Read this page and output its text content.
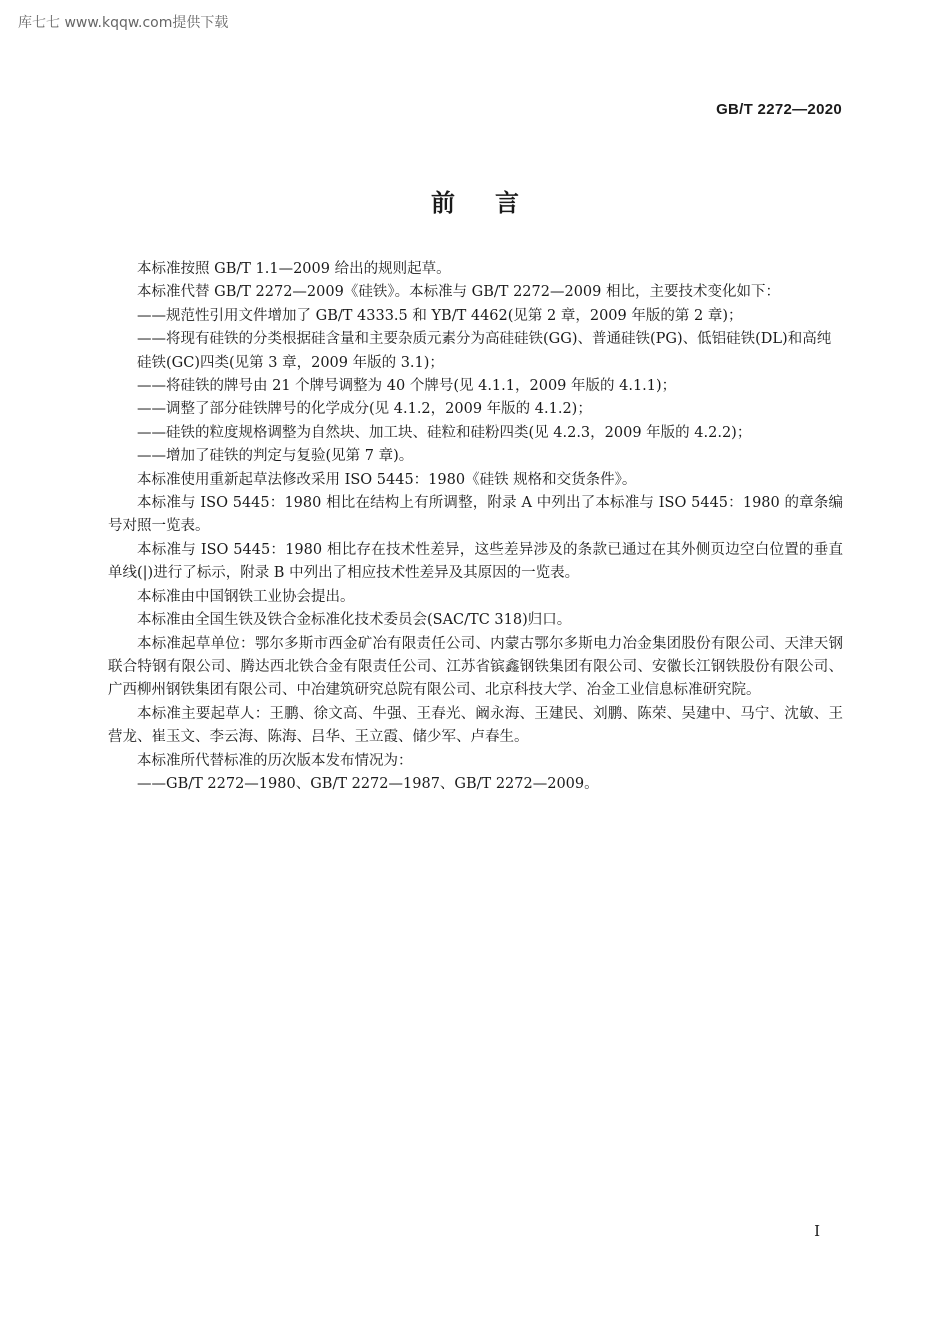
库七七 www.kqqw.com提供下载
GB/T 2272—2020
前言

本标准按照 GB/T 1.1—2009 给出的规则起草。

本标准代替 GB/T 2272—2009《硅铁》。本标准与 GB/T 2272—2009 相比，主要技术变化如下：

——规范性引用文件增加了 GB/T 4333.5 和 YB/T 4462(见第 2 章，2009 年版的第 2 章)；

——将现有硅铁的分类根据硅含量和主要杂质元素分为高硅硅铁(GG)、普通硅铁(PG)、低铝硅铁(DL)和高纯硅铁(GC)四类(见第 3 章，2009 年版的 3.1)；

——将硅铁的牌号由 21 个牌号调整为 40 个牌号(见 4.1.1，2009 年版的 4.1.1)；

——调整了部分硅铁牌号的化学成分(见 4.1.2，2009 年版的 4.1.2)；

——硅铁的粒度规格调整为自然块、加工块、硅粒和硅粉四类(见 4.2.3，2009 年版的 4.2.2)；

——增加了硅铁的判定与复验(见第 7 章)。

本标准使用重新起草法修改采用 ISO 5445：1980《硅铁 规格和交货条件》。

本标准与 ISO 5445：1980 相比在结构上有所调整，附录 A 中列出了本标准与 ISO 5445：1980 的章条编号对照一览表。

本标准与 ISO 5445：1980 相比存在技术性差异，这些差异涉及的条款已通过在其外侧页边空白位置的垂直单线(|)进行了标示，附录 B 中列出了相应技术性差异及其原因的一览表。

本标准由中国钢铁工业协会提出。

本标准由全国生铁及铁合金标准化技术委员会(SAC/TC 318)归口。

本标准起草单位：鄂尔多斯市西金矿冶有限责任公司、内蒙古鄂尔多斯电力冶金集团股份有限公司、天津天钢联合特钢有限公司、腾达西北铁合金有限责任公司、江苏省镔鑫钢铁集团有限公司、安徽长江钢铁股份有限公司、广西柳州钢铁集团有限公司、中冶建筑研究总院有限公司、北京科技大学、冶金工业信息标准研究院。

本标准主要起草人：王鹏、徐文高、牛强、王春光、阚永海、王建民、刘鹏、陈荣、吴建中、马宁、沈敏、王营龙、崔玉文、李云海、陈海、吕华、王立霞、储少军、卢春生。

本标准所代替标准的历次版本发布情况为：

——GB/T 2272—1980、GB/T 2272—1987、GB/T 2272—2009。

I
